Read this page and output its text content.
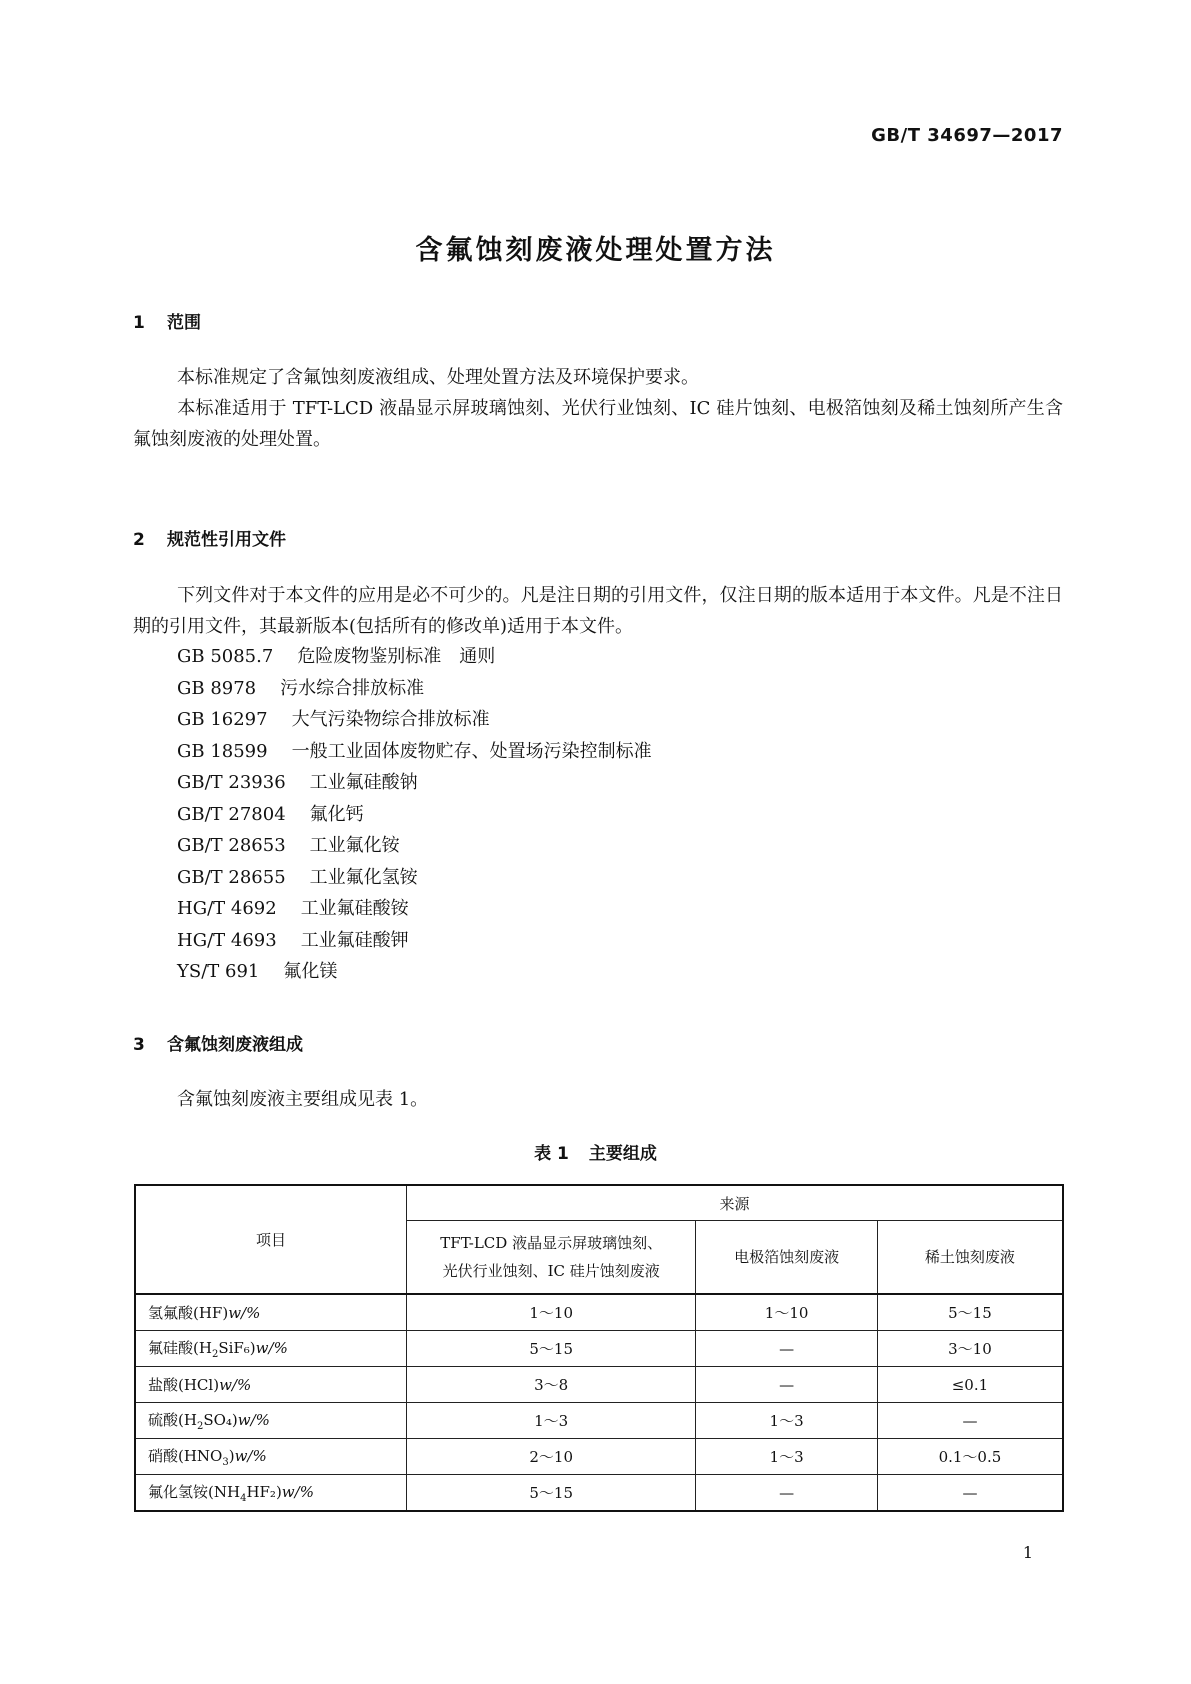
GB/T 34697—2017
含氟蚀刻废液处理处置方法
1 范围
本标准规定了含氟蚀刻废液组成、处理处置方法及环境保护要求。
本标准适用于 TFT-LCD 液晶显示屏玻璃蚀刻、光伏行业蚀刻、IC 硅片蚀刻、电极箔蚀刻及稀土蚀刻所产生含氟蚀刻废液的处理处置。
2 规范性引用文件
下列文件对于本文件的应用是必不可少的。凡是注日期的引用文件，仅注日期的版本适用于本文件。凡是不注日期的引用文件，其最新版本(包括所有的修改单)适用于本文件。
GB 5085.7 危险废物鉴别标准　通则
GB 8978 污水综合排放标准
GB 16297 大气污染物综合排放标准
GB 18599 一般工业固体废物贮存、处置场污染控制标准
GB/T 23936 工业氟硅酸钠
GB/T 27804 氟化钙
GB/T 28653 工业氟化铵
GB/T 28655 工业氟化氢铵
HG/T 4692 工业氟硅酸铵
HG/T 4693 工业氟硅酸钾
YS/T 691 氟化镁
3 含氟蚀刻废液组成
含氟蚀刻废液主要组成见表 1。
表 1 主要组成
项目	来源		
	TFT-LCD 液晶显示屏玻璃蚀刻、
光伏行业蚀刻、IC 硅片蚀刻废液	电极箔蚀刻废液	稀土蚀刻废液
氢氟酸(HF)w/%	1～10	1～10	5～15
氟硅酸$(H_2SiF_6)w/\%$	5～15	—	3～10
盐酸(HCl)w/%	3～8	—	≤0.1
硫酸$(H_2SO_4)w/\%$	1～3	1～3	—
硝酸$(HNO_3)w/\%$	2～10	1～3	0.1～0.5
氟化氢铵$(NH_4HF_2)w/\%$	5～15	—	—
1
